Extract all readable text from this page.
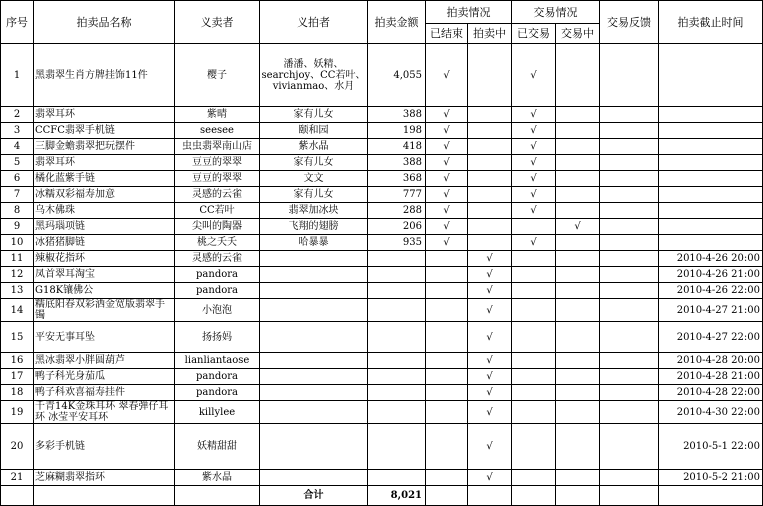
序号	拍卖品名称	义卖者	义拍者	拍卖金额	拍卖情况		交易情况		交易反馈	拍卖截止时间
					已结束	拍卖中	已交易	交易中		
1	黑翡翠生肖方牌挂饰11件	樱子	潘潘、妖精、searchjoy、CC若叶、vivianmao、水月	4,055	√		√			
2	翡翠耳环	紫晴	家有儿女	388	√		√			
3	CCFC翡翠手机链	seesee	颐和园	198	√		√			
4	三脚金蟾翡翠把玩摆件	虫虫翡翠南山店	紫水晶	418	√		√			
5	翡翠耳环	豆豆的翠翠	家有儿女	388	√		√			
6	橘化蓝紫手链	豆豆的翠翠	文文	368	√		√			
7	冰糯双彩福寿加意	灵感的云雀	家有儿女	777	√		√			
8	乌木佛珠	CC若叶	翡翠加冰块	288	√		√			
9	黑玛瑙项链	尖叫的陶器	飞翔的翅膀	206	√			√		
10	冰猪猪脚链	桃之夭夭	哈暴暴	935	√		√			
11	辣椒花指环	灵感的云雀				√				2010-4-26 20:00
12	凤首翠耳淘宝	pandora				√				2010-4-26 21:00
13	G18K镶佛公	pandora				√				2010-4-26 22:00
14	糯底阳春双彩洒金宽版翡翠手镯	小泡泡				√				2010-4-27 21:00
15	平安无事耳坠	扬扬妈				√				2010-4-27 22:00
16	黑冰翡翠小胖圆葫芦	lianliantaose				√				2010-4-28 20:00
17	鸭子科光身茄瓜	pandora				√				2010-4-28 21:00
18	鸭子科欢喜福寿挂件	pandora				√				2010-4-28 22:00
19	千青14K金珠耳环 翠春弹仔耳环 冰莹平安耳环	killylee				√				2010-4-30 22:00
20	多彩手机链	妖精甜甜				√				2010-5-1 22:00
21	芝麻糊翡翠指环	紫水晶				√				2010-5-2 21:00
			合计	8,021						
